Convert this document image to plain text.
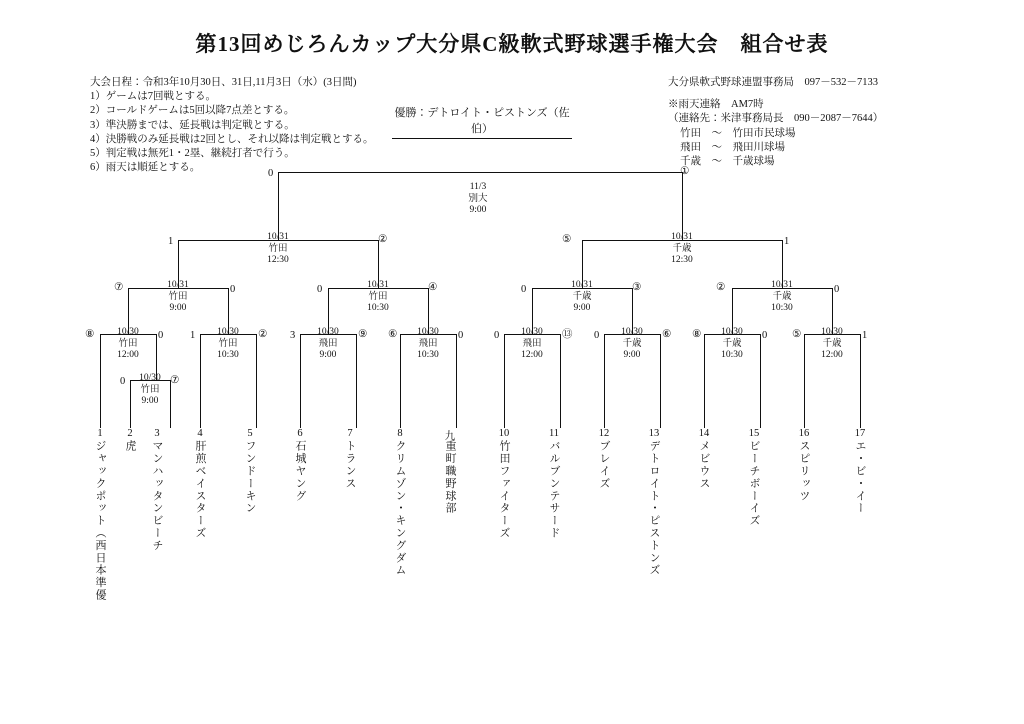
第13回めじろんカップ大分県C級軟式野球選手権大会　組合せ表
大会日程：令和3年10月30日、31日,11月3日（水）(3日間)
1）ゲームは7回戦とする。
2）コールドゲームは5回以降7点差とする。
3）準決勝までは、延長戦は判定戦とする。
4）決勝戦のみ延長戦は2回とし、それ以降は判定戦とする。
5）判定戦は無死1・2塁、継続打者で行う。
6）雨天は順延とする。
大分県軟式野球連盟事務局　097－532－7133
※雨天連絡　AM7時
（連絡先：米津事務局長　090－2087－7644）
竹田　〜　竹田市民球場
飛田　〜　飛田川球場
千歳　〜　千歳球場
優勝：デトロイト・ピストンズ（佐伯）
11/3
別大
9:00
10/31
竹田
12:30
10/31
千歳
12:30
10/31
竹田
9:00
10/31
竹田
10:30
10/31
千歳
9:00
10/31
千歳
10:30
10/30
竹田
12:00
10/30
竹田
10:30
10/30
飛田
9:00
10/30
飛田
10:30
10/30
飛田
12:00
10/30
千歳
9:00
10/30
千歳
10:30
10/30
千歳
12:00
10/30
竹田
9:00
0	①
1	②	⑤	1
⑦	0	0	④	0	③	②	0
⑧	0	1	② 3	⑨ ⑥	0	0	⑬ 0	⑥ ⑧	0 ⑤	1
0	⑦
1
ジャックポット（西日本準優
2
虎
3
マンハッタンビーチ
4
肝煎ベイスターズ
5
フンドーキン
6
石城ヤング
7
トランス
8
クリムゾン・キングダム
九
重町職野球部
10
竹田ファイターズ
11
バルブンテサード
12
ブレイズ
13
デトロイト・ピストンズ
14
メビウス
15
ビーチボーイズ
16
スピリッツ
17
エ・ビ・イー
